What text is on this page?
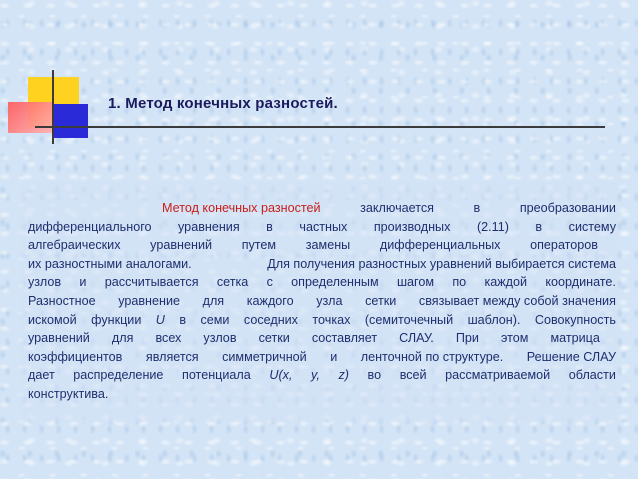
1. Метод конечных разностей.
Метод конечных разностей	заключается	в	преобразовании
дифференциального уравнения в частных производных (2.11) в систему
алгебраических уравнений путем замены дифференциальных операторов
их разностными аналогами.	Для получения разностных уравнений выбирается система
узлов и рассчитывается сетка с определенным шагом по каждой координате.
Разностное уравнение для каждого узла сетки связывает между собой значения
искомой функции U в семи соседних точках (семиточечный шаблон). Совокупность
уравнений для всех узлов сетки составляет СЛАУ. При этом матрица
коэффициентов является симметричной и ленточной по структуре. Решение СЛАУ
дает распределение потенциала U(x, y, z) во всей рассматриваемой области
конструктива.
